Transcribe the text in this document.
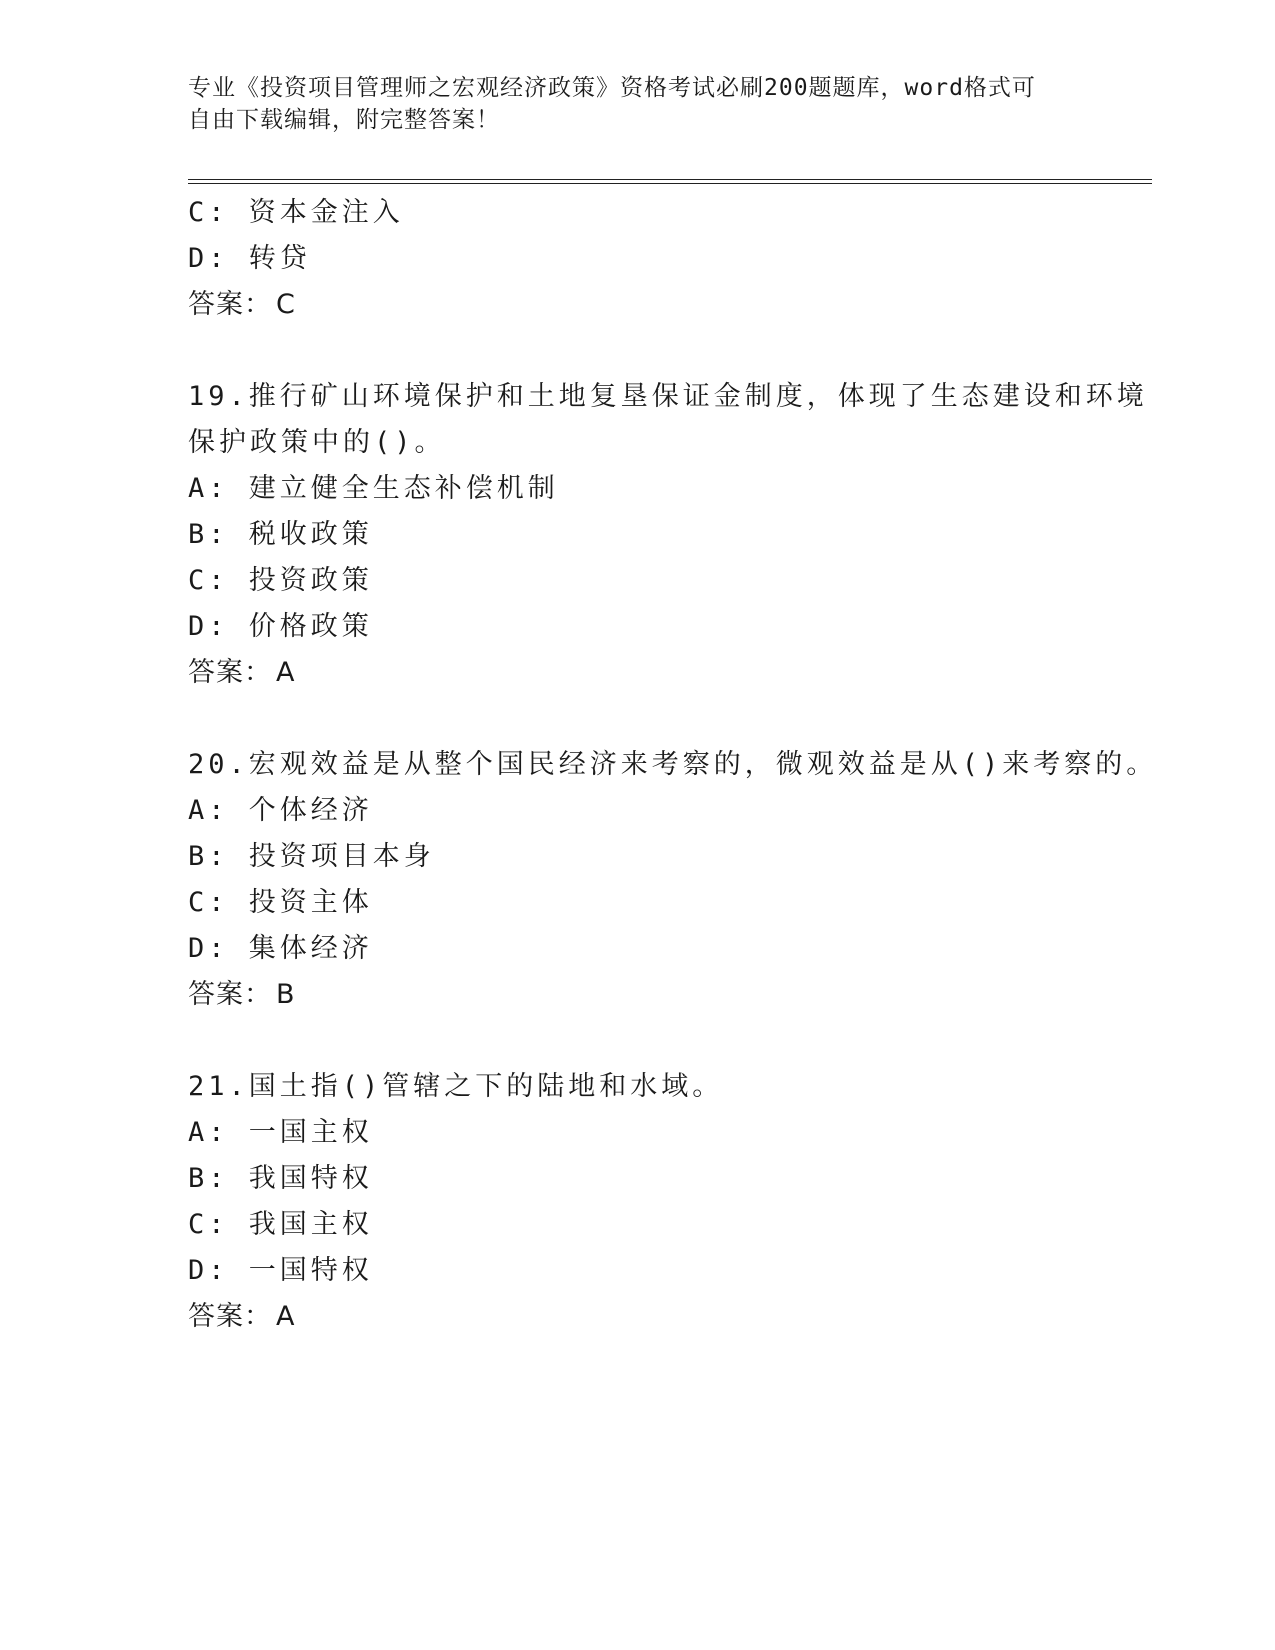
专业《投资项目管理师之宏观经济政策》资格考试必刷200题题库，word格式可
自由下载编辑，附完整答案！
C: 资本金注入
D: 转贷
答案： C
19.推行矿山环境保护和土地复垦保证金制度，体现了生态建设和环境
保护政策中的()。
A: 建立健全生态补偿机制
B: 税收政策
C: 投资政策
D: 价格政策
答案： A
20.宏观效益是从整个国民经济来考察的，微观效益是从()来考察的。
A: 个体经济
B: 投资项目本身
C: 投资主体
D: 集体经济
答案： B
21.国土指()管辖之下的陆地和水域。
A: 一国主权
B: 我国特权
C: 我国主权
D: 一国特权
答案： A
